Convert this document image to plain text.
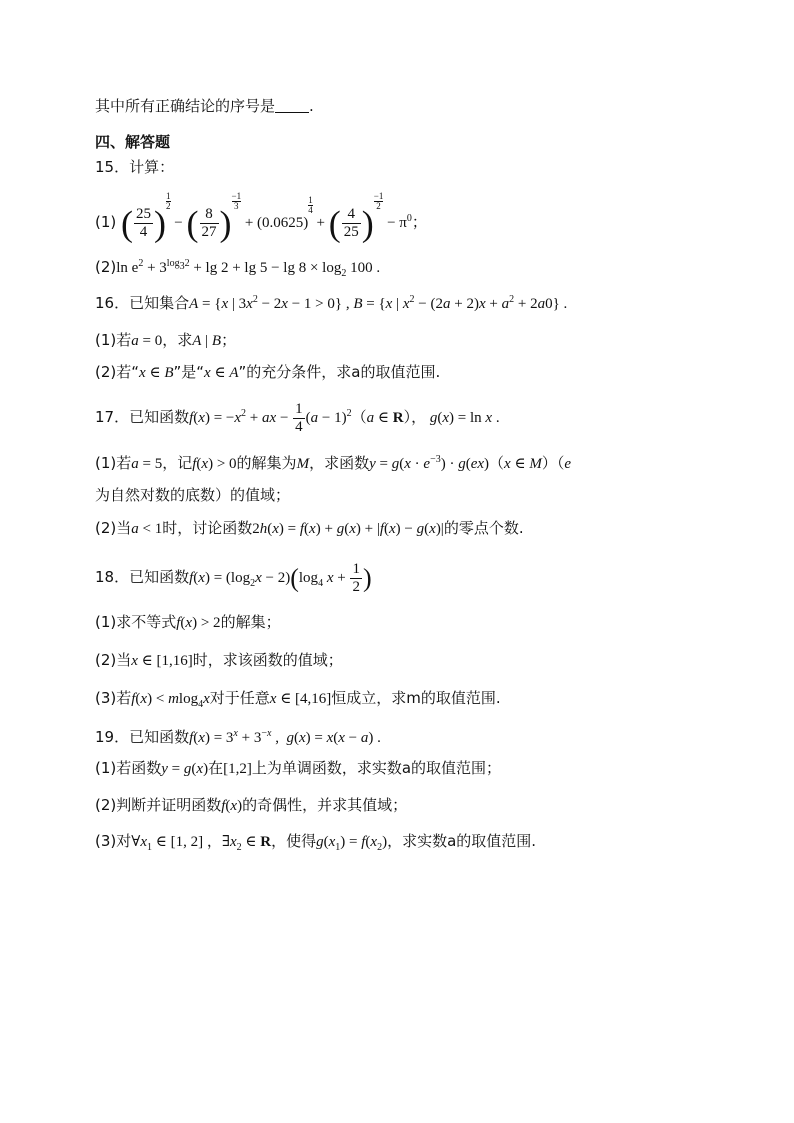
其中所有正确结论的序号是 .
四、解答题
15．计算：
(1) ( $\frac{25}{4}$ )
$\frac{1}{2}$
− ( $\frac{8}{27}$ )
$\frac{-1}{3}$
+ (0.0625)
$\frac{1}{4}$
+ ( $\frac{4}{25}$ )
$\frac{-1}{2}$
− $\pi^0$；
(2)ln $e^2 + 3^{log_32} + \lg 2 + \lg 5 - \lg 8 \times \log_2 100$ .
16．已知集合A = {x | $3x^2 - 2x - 1 > 0$} , B = {x | $x^2 - (2a + 2)x + a^2 + 2a0$} .
(1)若a = 0，求A | B；
(2)若“x ∈ B”是“x ∈ A”的充分条件，求a的取值范围.
17．已知函数$f(x) = -x^2$ + ax − $\frac{1}{4} (a - 1)^2(a$ ∈ R）， g(x) = ln x .
(1)若a = 5，记f(x) > 0的解集为M，求函数$y = g(x \cdot e^{-3}) \cdot g(ex)(x$ ∈ M）（e
为自然对数的底数）的值域；
(2)当a < 1时，讨论函数2h(x) = f(x) + g(x) + |f(x) − g(x)|的零点个数.
18．已知函数$f(x) = (\log_2x - 2)(\log_4$ $x + \frac{1}{2}$ )
(1)求不等式f(x) > 2的解集；
(2)当x ∈ [1,16]时，求该函数的值域；
(3)若f(x) < mlog$_4$x对于任意x ∈ [4,16]恒成立，求m的取值范围.
19．已知函数$f(x) = 3^x + 3^{-x}$ ,  g(x) = x(x − a) .
(1)若函数y = g(x)在[1,2]上为单调函数，求实数a的取值范围；
(2)判断并证明函数f(x)的奇偶性，并求其值域；
(3)对$\forall x_1$ ∈ [1, 2] ，$\exists x_2$ ∈ R，使得$g(x_1) = f(x_2)$，求实数a的取值范围.
